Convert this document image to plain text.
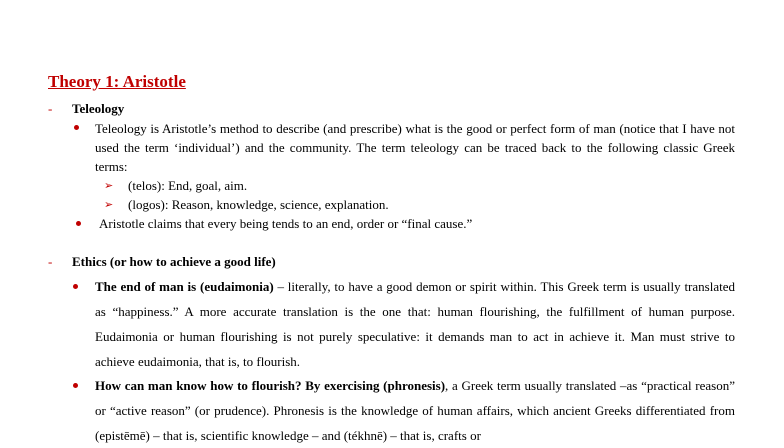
Theory 1: Aristotle
- Teleology

Teleology is Aristotle’s method to describe (and prescribe) what is the good or perfect form of man (notice that I have not used the term ‘individual’) and the community. The term teleology can be traced back to the following classic Greek terms:

➢ (telos): End, goal, aim.
➢ (logos): Reason, knowledge, science, explanation.
Aristotle claims that every being tends to an end, order or “final cause.”
- Ethics (or how to achieve a good life)

The end of man is (eudaimonia) – literally, to have a good demon or spirit within. This Greek term is usually translated as “happiness.” A more accurate translation is the one that: human flourishing, the fulfillment of human purpose. Eudaimonia or human flourishing is not purely speculative: it demands man to act in achieve it. Man must strive to achieve eudaimonia, that is, to flourish.

How can man know how to flourish? By exercising (phronesis), a Greek term usually translated –as “practical reason” or “active reason” (or prudence). Phronesis is the knowledge of human affairs, which ancient Greeks differentiated from (epistēmē) – that is, scientific knowledge – and (tékhnē) – that is, crafts or
